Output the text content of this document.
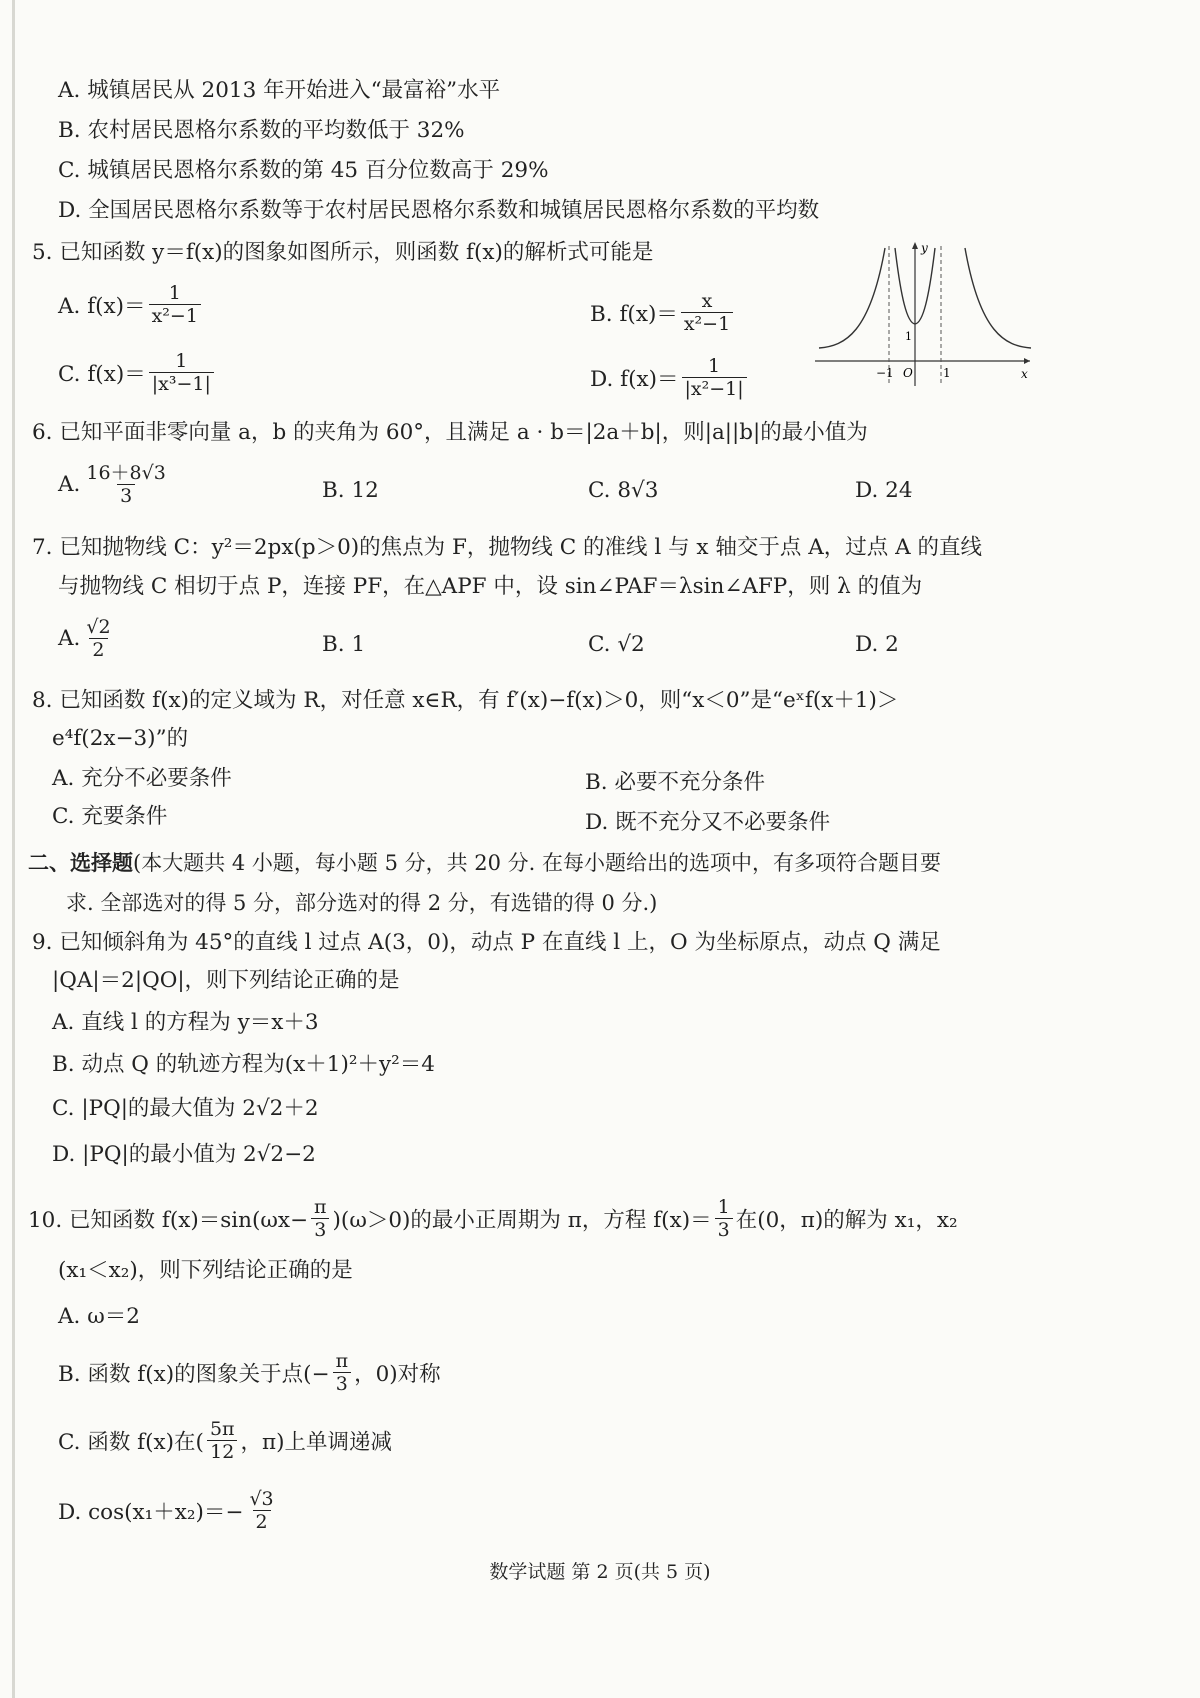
A. 城镇居民从 2013 年开始进入“最富裕”水平
B. 农村居民恩格尔系数的平均数低于 32%
C. 城镇居民恩格尔系数的第 45 百分位数高于 29%
D. 全国居民恩格尔系数等于农村居民恩格尔系数和城镇居民恩格尔系数的平均数
5. 已知函数 y＝f(x)的图象如图所示，则函数 f(x)的解析式可能是
A. $f(x)= \frac{1}{\text{x²−1}}$	B. $f(x)= \frac{x}{\text{x²−1}}$
C. $f(x)= \frac{1}{\text{|x³−1|}}$	D. $f(x)= \frac{1}{\text{|x²−1|}}$
y
x
−1 O	1
1
6. 已知平面非零向量 a，b 的夹角为 60°，且满足 a · b＝|2a＋b|，则|a||b|的最小值为
A. $\frac{16+8√3}{3}$	B. 12	C. 8√3	D. 24
7. 已知抛物线 C：y²＝2px(p＞0)的焦点为 F，抛物线 C 的准线 l 与 x 轴交于点 A，过点 A 的直线
与抛物线 C 相切于点 P，连接 PF，在△APF 中，设 sin∠PAF＝λsin∠AFP，则 λ 的值为
A. $\frac{√2}{2}$	B. 1	C. √2	D. 2
8. 已知函数 f(x)的定义域为 R，对任意 x∈R，有 f′(x)−f(x)＞0，则“x＜0”是“eˣf(x＋1)＞
e⁴f(2x−3)”的
A. 充分不必要条件	B. 必要不充分条件
C. 充要条件	D. 既不充分又不必要条件
二、选择题(本大题共 4 小题，每小题 5 分，共 20 分. 在每小题给出的选项中，有多项符合题目要
求. 全部选对的得 5 分，部分选对的得 2 分，有选错的得 0 分.)
9. 已知倾斜角为 45°的直线 l 过点 A(3，0)，动点 P 在直线 l 上，O 为坐标原点，动点 Q 满足
|QA|＝2|QO|，则下列结论正确的是
A. 直线 l 的方程为 y＝x＋3
B. 动点 Q 的轨迹方程为(x＋1)²＋y²＝4
C. |PQ|的最大值为 2√2＋2
D. |PQ|的最小值为 2√2−2
10. 已知函数 $f(x)=\sin(\omega x- \frac{\pi}{3} )(\omega>0)$的最小正周期为 π，方程 $f(x)= \frac{1}{3}$ 在(0，π)的解为 x₁，x₂
(x₁＜x₂)，则下列结论正确的是
A. ω＝2
B. 函数 f(x)的图象关于点(− $\frac{\pi}{3}$ ，0)对称
C. 函数 f(x)在( $\frac{5\pi}{12}$ ，π)上单调递减
D. $\cos(x_1+x_2)=- \frac{√3}{2}$
数学试题 第 2 页(共 5 页)
